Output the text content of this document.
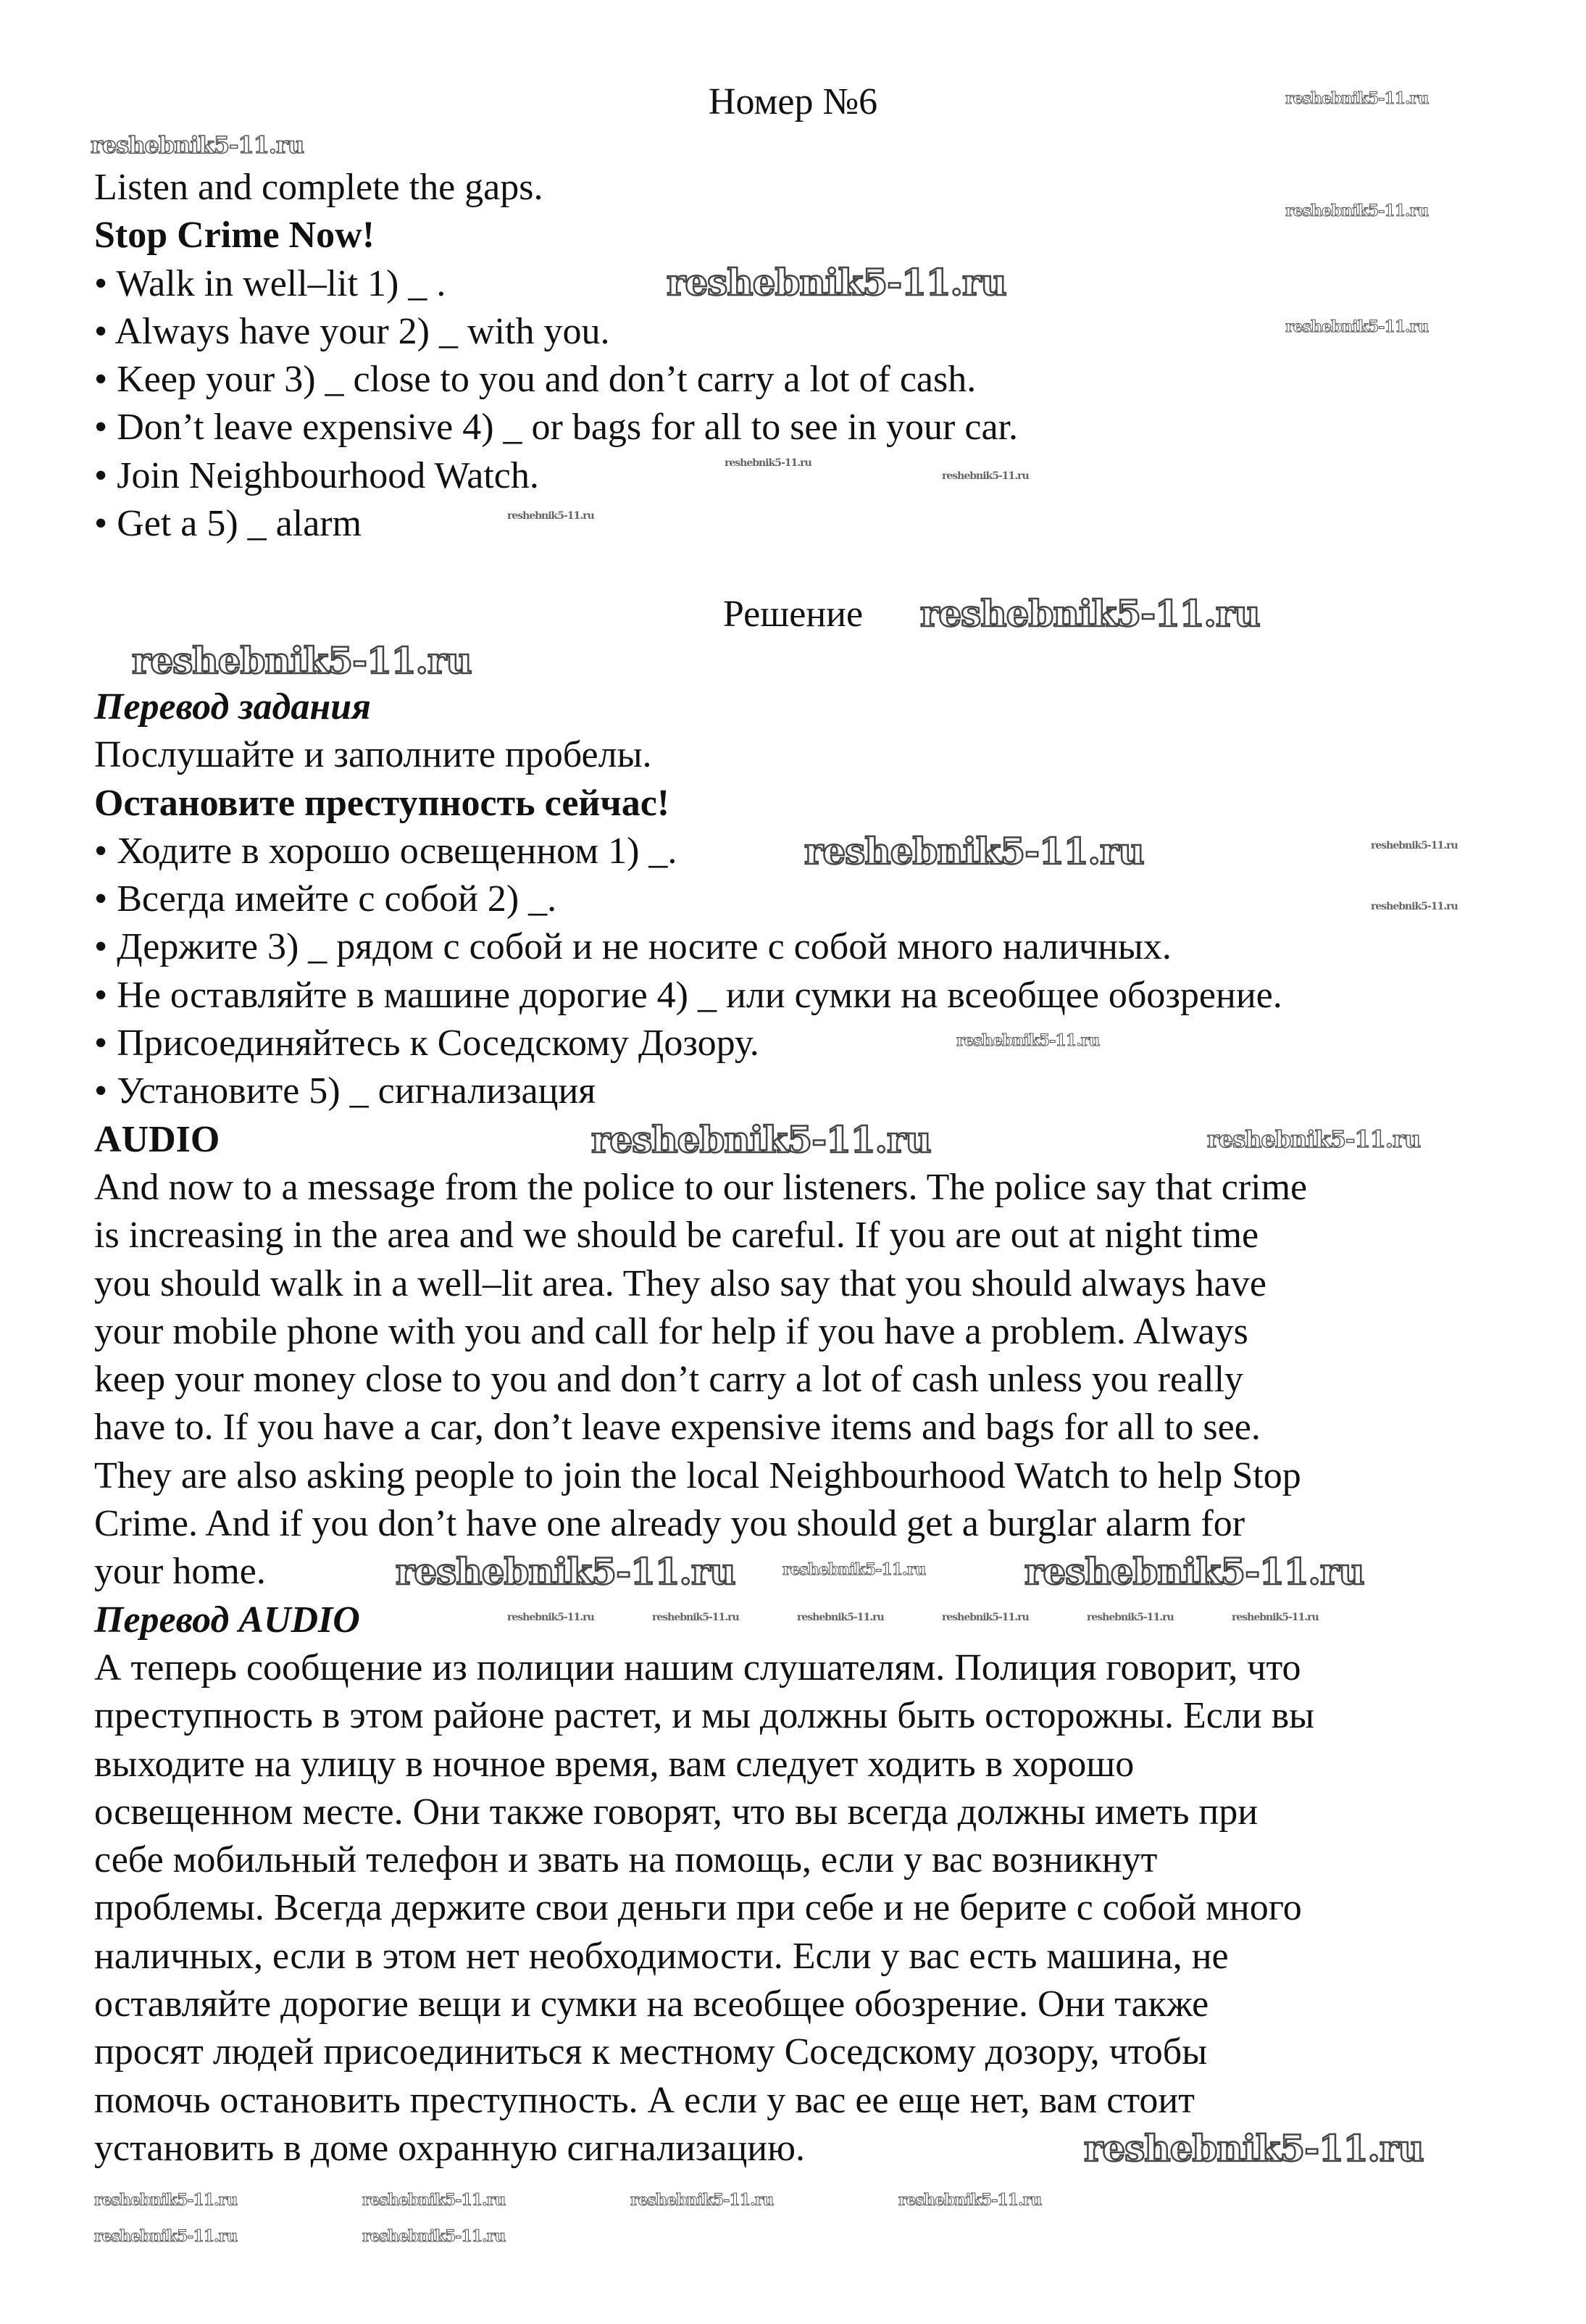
Номер №6
Listen and complete the gaps.
Stop Crime Now!
• Walk in well–lit 1) _ .
• Always have your 2) _ with you.
• Keep your 3) _ close to you and don’t carry a lot of cash.
• Don’t leave expensive 4) _ or bags for all to see in your car.
• Join Neighbourhood Watch.
• Get a 5) _ alarm
Решение
Перевод задания
Послушайте и заполните пробелы.
Остановите преступность сейчас!
• Ходите в хорошо освещенном 1) _.
• Всегда имейте с собой 2) _.
• Держите 3) _ рядом с собой и не носите с собой много наличных.
• Не оставляйте в машине дорогие 4) _ или сумки на всеобщее обозрение.
• Присоединяйтесь к Соседскому Дозору.
• Установите 5) _ сигнализация
AUDIO
And now to a message from the police to our listeners. The police say that crime
is increasing in the area and we should be careful. If you are out at night time
you should walk in a well–lit area. They also say that you should always have
your mobile phone with you and call for help if you have a problem. Always
keep your money close to you and don’t carry a lot of cash unless you really
have to. If you have a car, don’t leave expensive items and bags for all to see.
They are also asking people to join the local Neighbourhood Watch to help Stop
Crime. And if you don’t have one already you should get a burglar alarm for
your home.
Перевод AUDIO
А теперь сообщение из полиции нашим слушателям. Полиция говорит, что
преступность в этом районе растет, и мы должны быть осторожны. Если вы
выходите на улицу в ночное время, вам следует ходить в хорошо
освещенном месте. Они также говорят, что вы всегда должны иметь при
себе мобильный телефон и звать на помощь, если у вас возникнут
проблемы. Всегда держите свои деньги при себе и не берите с собой много
наличных, если в этом нет необходимости. Если у вас есть машина, не
оставляйте дорогие вещи и сумки на всеобщее обозрение. Они также
просят людей присоединиться к местному Соседскому дозору, чтобы
помочь остановить преступность. А если у вас ее еще нет, вам стоит
установить в доме охранную сигнализацию.
reshebnik5-11.ru
reshebnik5-11.ru
reshebnik5-11.ru
reshebnik5-11.ru
reshebnik5-11.ru
reshebnik5-11.ru
reshebnik5-11.ru
reshebnik5-11.ru
reshebnik5-11.ru
reshebnik5-11.ru
reshebnik5-11.ru	reshebnik5-11.ru
reshebnik5-11.ru
reshebnik5-11.ru
reshebnik5-11.ru	reshebnik5-11.ru
reshebnik5-11.ru	reshebnik5-11.ru	reshebnik5-11.ru	reshebnik5-11.ru
reshebnik5-11.ru
reshebnik5-11.ru	reshebnik5-11.ru
reshebnik5-11.ru	reshebnik5-11.ru
reshebnik5-11.ru	reshebnik5-11.ru	reshebnik5-11.ru	reshebnik5-11.ru
reshebnik5-11.ru	reshebnik5-11.ru
reshebnik5-11.ru
